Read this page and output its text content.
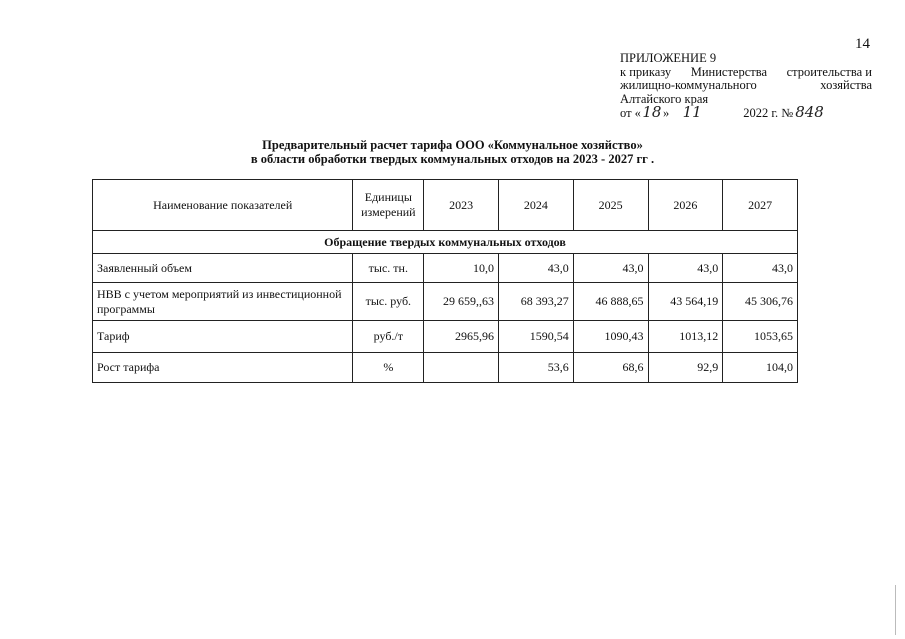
14
ПРИЛОЖЕНИЕ 9
к приказу Министерства строительства и
жилищно-коммунального	хозяйства
Алтайского края
от « 18 » 11	2022 г. № 848
Предварительный расчет тарифа ООО «Коммунальное хозяйство»
в области обработки твердых коммунальных отходов на 2023 - 2027 гг .
Наименование показателей	Единицы измерений	2023	2024	2025	2026	2027
Обращение твердых коммунальных отходов						
Заявленный объем	тыс. тн.	10,0	43,0	43,0	43,0	43,0
НВВ с учетом мероприятий из инвестиционной программы	тыс. руб.	29 659,,63	68 393,27	46 888,65	43 564,19	45 306,76
Тариф	руб./т	2965,96	1590,54	1090,43	1013,12	1053,65
Рост тарифа	%		53,6	68,6	92,9	104,0
